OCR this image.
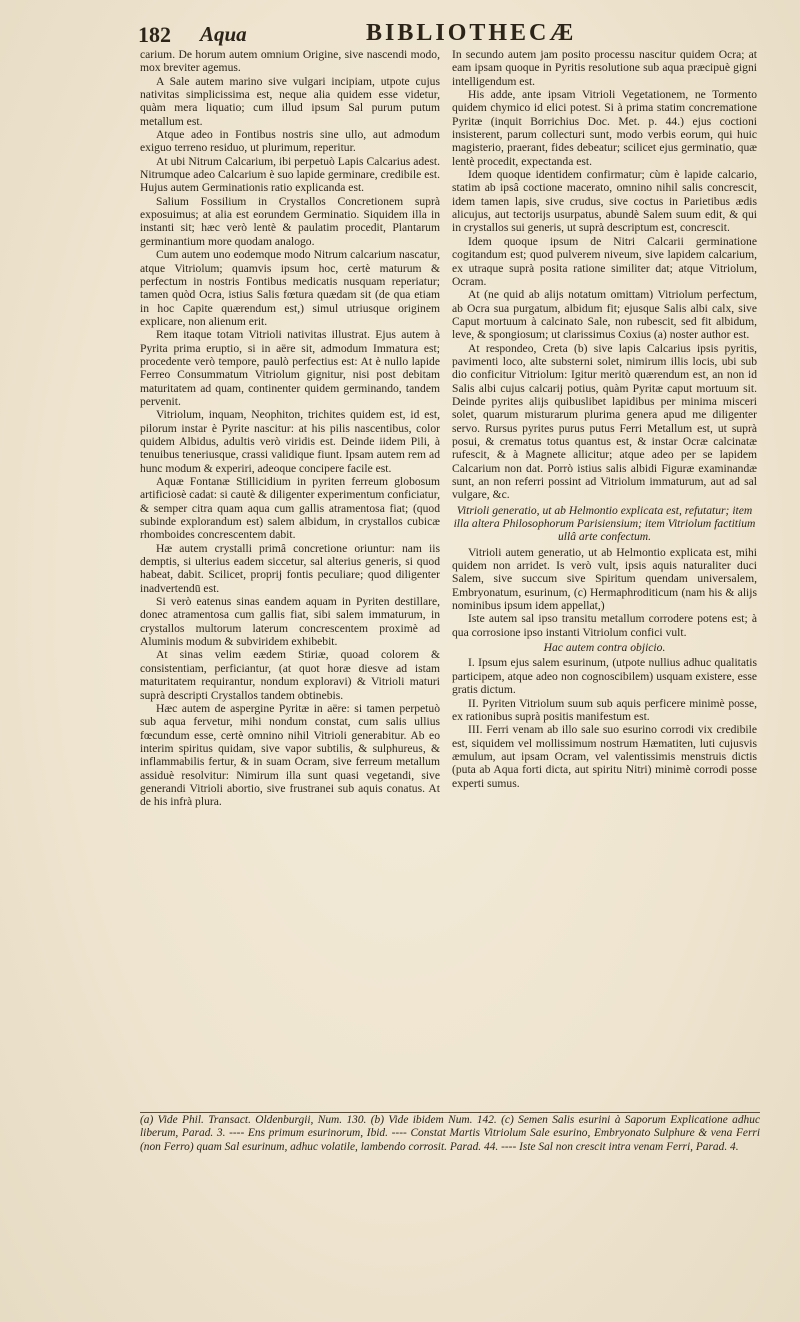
182 Aqua	BIBLIOTHECÆ

carium. De horum autem omnium Origine, sive nascendi modo, mox breviter agemus.

A Sale autem marino sive vulgari incipiam, utpote cujus nativitas simplicissima est, neque alia quidem esse videtur, quàm mera liquatio; cum illud ipsum Sal purum putum metallum est.

Atque adeo in Fontibus nostris sine ullo, aut admodum exiguo terreno residuo, ut plurimum, reperitur.

At ubi Nitrum Calcarium, ibi perpetuò Lapis Calcarius adest. Nitrumque adeo Calcarium è suo lapide germinare, credibile est. Hujus autem Germinationis ratio explicanda est.

Salium Fossilium in Crystallos Concretionem suprà exposuimus; at alia est eorundem Germinatio. Siquidem illa in instanti sit; hæc verò lentè & paulatim procedit, Plantarum germinantium more quodam analogo.

Cum autem uno eodemque modo Nitrum calcarium nascatur, atque Vitriolum; quamvis ipsum hoc, certè maturum & perfectum in nostris Fontibus medicatis nusquam reperiatur; tamen quòd Ocra, istius Salis fœtura quædam sit (de qua etiam in hoc Capite quærendum est,) simul utriusque originem explicare, non alienum erit.

Rem itaque totam Vitrioli nativitas illustrat. Ejus autem à Pyrita prima eruptio, si in aëre sit, admodum Immatura est; procedente verò tempore, paulò perfectius est: At è nullo lapide Ferreo Consummatum Vitriolum gignitur, nisi post debitam maturitatem ad quam, continenter quidem germinando, tandem pervenit.

Vitriolum, inquam, Neophiton, trichites quidem est, id est, pilorum instar è Pyrite nascitur: at his pilis nascentibus, color quidem Albidus, adultis verò viridis est. Deinde iidem Pili, à tenuibus teneriusque, crassi validique fiunt. Ipsam autem rem ad hunc modum & experiri, adeoque concipere facile est.

Aquæ Fontanæ Stillicidium in pyriten ferreum globosum artificiosè cadat: si cautè & diligenter experimentum conficiatur, & semper citra quam aqua cum gallis atramentosa fiat; (quod subinde explorandum est) salem albidum, in crystallos cubicæ rhomboides concrescentem dabit.

Hæ autem crystalli primâ concretione oriuntur: nam iis demptis, si ulterius eadem siccetur, sal alterius generis, si quod habeat, dabit. Scilicet, proprij fontis peculiare; quod diligenter inadvertendū est.

Si verò eatenus sinas eandem aquam in Pyriten destillare, donec atramentosa cum gallis fiat, sibi salem immaturum, in crystallos multorum laterum concrescentem proximè ad Aluminis modum & subviridem exhibebit.

At sinas velim eædem Stiriæ, quoad colorem & consistentiam, perficiantur, (at quot horæ diesve ad istam maturitatem requirantur, nondum exploravi) & Vitrioli maturi suprà descripti Crystallos tandem obtinebis.

Hæc autem de aspergine Pyritæ in aëre: si tamen perpetuò sub aqua fervetur, mihi nondum constat, cum salis ullius fœcundum esse, certè omnino nihil Vitrioli generabitur. Ab eo interim spiritus quidam, sive vapor subtilis, & sulphureus, & inflammabilis fertur, & in suam Ocram, sive ferreum metallum assiduè resolvitur: Nimirum illa sunt quasi vegetandi, sive generandi Vitrioli abortio, sive frustranei sub aquis conatus. At de his infrà plura.

In secundo autem jam posito processu nascitur quidem Ocra; at eam ipsam quoque in Pyritis resolutione sub aqua præcipuè gigni intelligendum est.

His adde, ante ipsam Vitrioli Vegetationem, ne Tormento quidem chymico id elici potest. Si à prima statim concrematione Pyritæ (inquit Borrichius Doc. Met. p. 44.) ejus coctioni insisterent, parum collecturi sunt, modo verbis eorum, qui huic magisterio, praerant, fides debeatur; scilicet ejus germinatio, quæ lentè procedit, expectanda est.

Idem quoque identidem confirmatur; cùm è lapide calcario, statim ab ipsâ coctione macerato, omnino nihil salis concrescit, idem tamen lapis, sive crudus, sive coctus in Parietibus ædis alicujus, aut tectorijs usurpatus, abundè Salem suum edit, & qui in crystallos sui generis, ut suprà descriptum est, concrescit.

Idem quoque ipsum de Nitri Calcarii germinatione cogitandum est; quod pulverem niveum, sive lapidem calcarium, ex utraque suprà posita ratione similiter dat; atque Vitriolum, Ocram.

At (ne quid ab alijs notatum omittam) Vitriolum perfectum, ab Ocra sua purgatum, albidum fit; ejusque Salis albi calx, sive Caput mortuum à calcinato Sale, non rubescit, sed fit albidum, leve, & spongiosum; ut clarissimus Coxius (a) noster author est.

At respondeo, Creta (b) sive lapis Calcarius ipsis pyritis, pavimenti loco, alte substerni solet, nimirum illis locis, ubi sub dio conficitur Vitriolum: Igitur meritò quærendum est, an non id Salis albi cujus calcarij potius, quàm Pyritæ caput mortuum sit. Deinde pyrites alijs quibuslibet lapidibus per minima misceri solet, quarum misturarum plurima genera apud me diligenter servo. Rursus pyrites purus putus Ferri Metallum est, ut suprà posui, & crematus totus quantus est, & instar Ocræ calcinatæ rufescit, & à Magnete allicitur; atque adeo per se lapidem Calcarium non dat. Porrò istius salis albidi Figuræ examinandæ sunt, an non referri possint ad Vitriolum immaturum, aut ad sal vulgare, &c.

Vitrioli generatio, ut ab Helmontio explicata est, refutatur; item illa altera Philosophorum Parisiensium; item Vitriolum factitium ullâ arte confectum.

Vitrioli autem generatio, ut ab Helmontio explicata est, mihi quidem non arridet. Is verò vult, ipsis aquis naturaliter duci Salem, sive succum sive Spiritum quendam universalem, Embryonatum, esurinum, (c) Hermaphroditicum (nam his & alijs nominibus ipsum idem appellat,)

Iste autem sal ipso transitu metallum corrodere potens est; à qua corrosione ipso instanti Vitriolum confici vult.

Hac autem contra objicio.

I. Ipsum ejus salem esurinum, (utpote nullius adhuc qualitatis participem, atque adeo non cognoscibilem) usquam existere, esse gratis dictum.

II. Pyriten Vitriolum suum sub aquis perficere minimè posse, ex rationibus suprà positis manifestum est.

III. Ferri venam ab illo sale suo esurino corrodi vix credibile est, siquidem vel mollissimum nostrum Hæmatiten, luti cujusvis æmulum, aut ipsam Ocram, vel valentissimis menstruis dictis (puta ab Aqua forti dicta, aut spiritu Nitri) minimè corrodi posse experti sumus.

(a) Vide Phil. Transact. Oldenburgii, Num. 130. (b) Vide ibidem Num. 142. (c) Semen Salis esurini à Saporum Explicatione adhuc liberum, Parad. 3. ---- Ens primum esurinorum, Ibid. ---- Constat Martis Vitriolum Sale esurino, Embryonato Sulphure & vena Ferri (non Ferro) quam Sal esurinum, adhuc volatile, lambendo corrosit. Parad. 44. ---- Iste Sal non crescit intra venam Ferri, Parad. 4.
